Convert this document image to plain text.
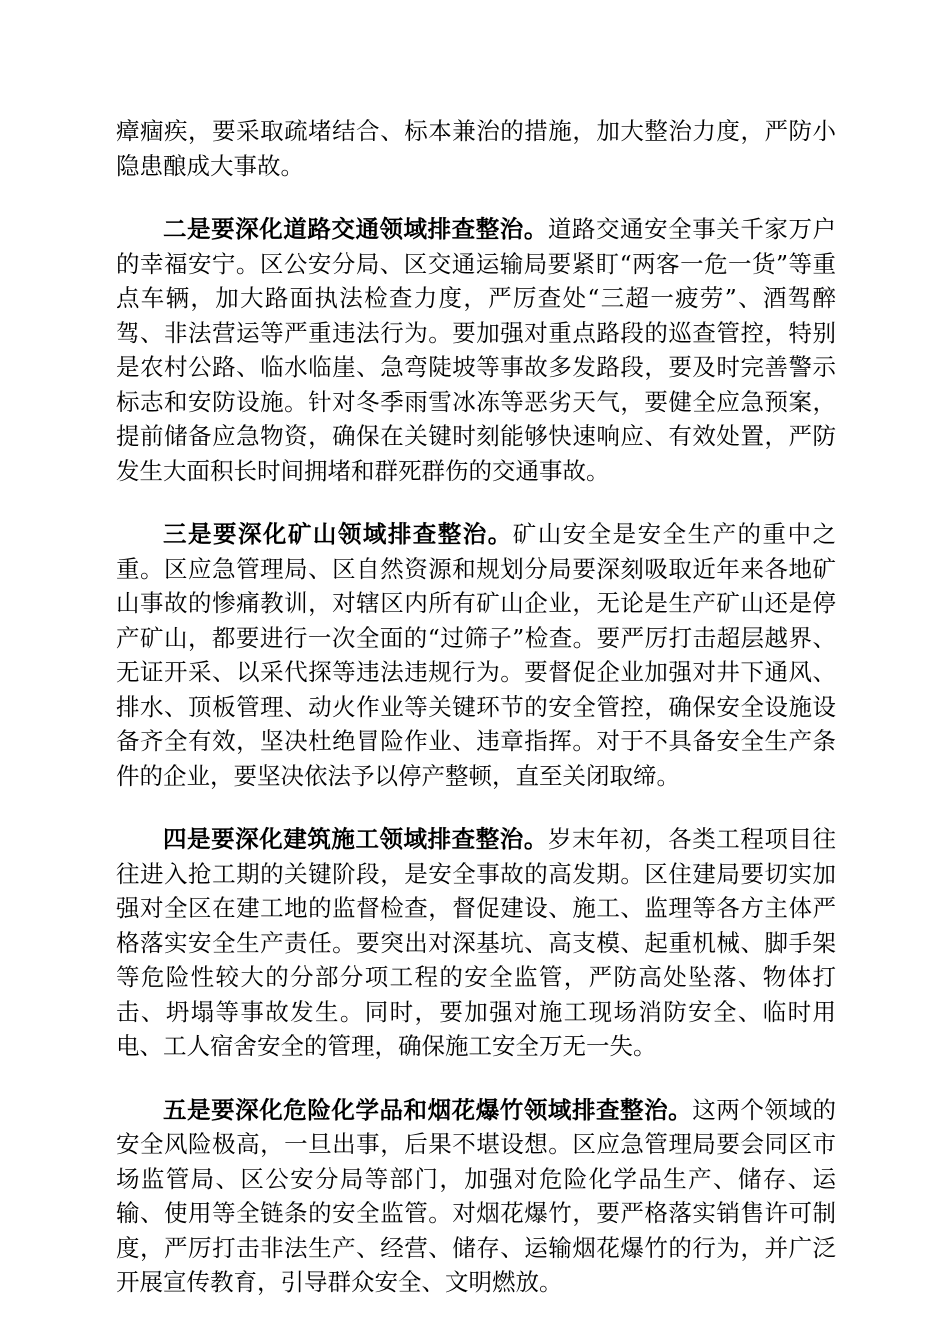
瘴痼疾，要采取疏堵结合、标本兼治的措施，加大整治力度，严防小隐患酿成大事故。

二是要深化道路交通领域排查整治。道路交通安全事关千家万户的幸福安宁。区公安分局、区交通运输局要紧盯“两客一危一货”等重点车辆，加大路面执法检查力度，严厉查处“三超一疲劳”、酒驾醉驾、非法营运等严重违法行为。要加强对重点路段的巡查管控，特别是农村公路、临水临崖、急弯陡坡等事故多发路段，要及时完善警示标志和安防设施。针对冬季雨雪冰冻等恶劣天气，要健全应急预案，提前储备应急物资，确保在关键时刻能够快速响应、有效处置，严防发生大面积长时间拥堵和群死群伤的交通事故。

三是要深化矿山领域排查整治。矿山安全是安全生产的重中之重。区应急管理局、区自然资源和规划分局要深刻吸取近年来各地矿山事故的惨痛教训，对辖区内所有矿山企业，无论是生产矿山还是停产矿山，都要进行一次全面的“过筛子”检查。要严厉打击超层越界、无证开采、以采代探等违法违规行为。要督促企业加强对井下通风、排水、顶板管理、动火作业等关键环节的安全管控，确保安全设施设备齐全有效，坚决杜绝冒险作业、违章指挥。对于不具备安全生产条件的企业，要坚决依法予以停产整顿，直至关闭取缔。

四是要深化建筑施工领域排查整治。岁末年初，各类工程项目往往进入抢工期的关键阶段，是安全事故的高发期。区住建局要切实加强对全区在建工地的监督检查，督促建设、施工、监理等各方主体严格落实安全生产责任。要突出对深基坑、高支模、起重机械、脚手架等危险性较大的分部分项工程的安全监管，严防高处坠落、物体打击、坍塌等事故发生。同时，要加强对施工现场消防安全、临时用电、工人宿舍安全的管理，确保施工安全万无一失。

五是要深化危险化学品和烟花爆竹领域排查整治。这两个领域的安全风险极高，一旦出事，后果不堪设想。区应急管理局要会同区市场监管局、区公安分局等部门，加强对危险化学品生产、储存、运输、使用等全链条的安全监管。对烟花爆竹，要严格落实销售许可制度，严厉打击非法生产、经营、储存、运输烟花爆竹的行为，并广泛开展宣传教育，引导群众安全、文明燃放。
